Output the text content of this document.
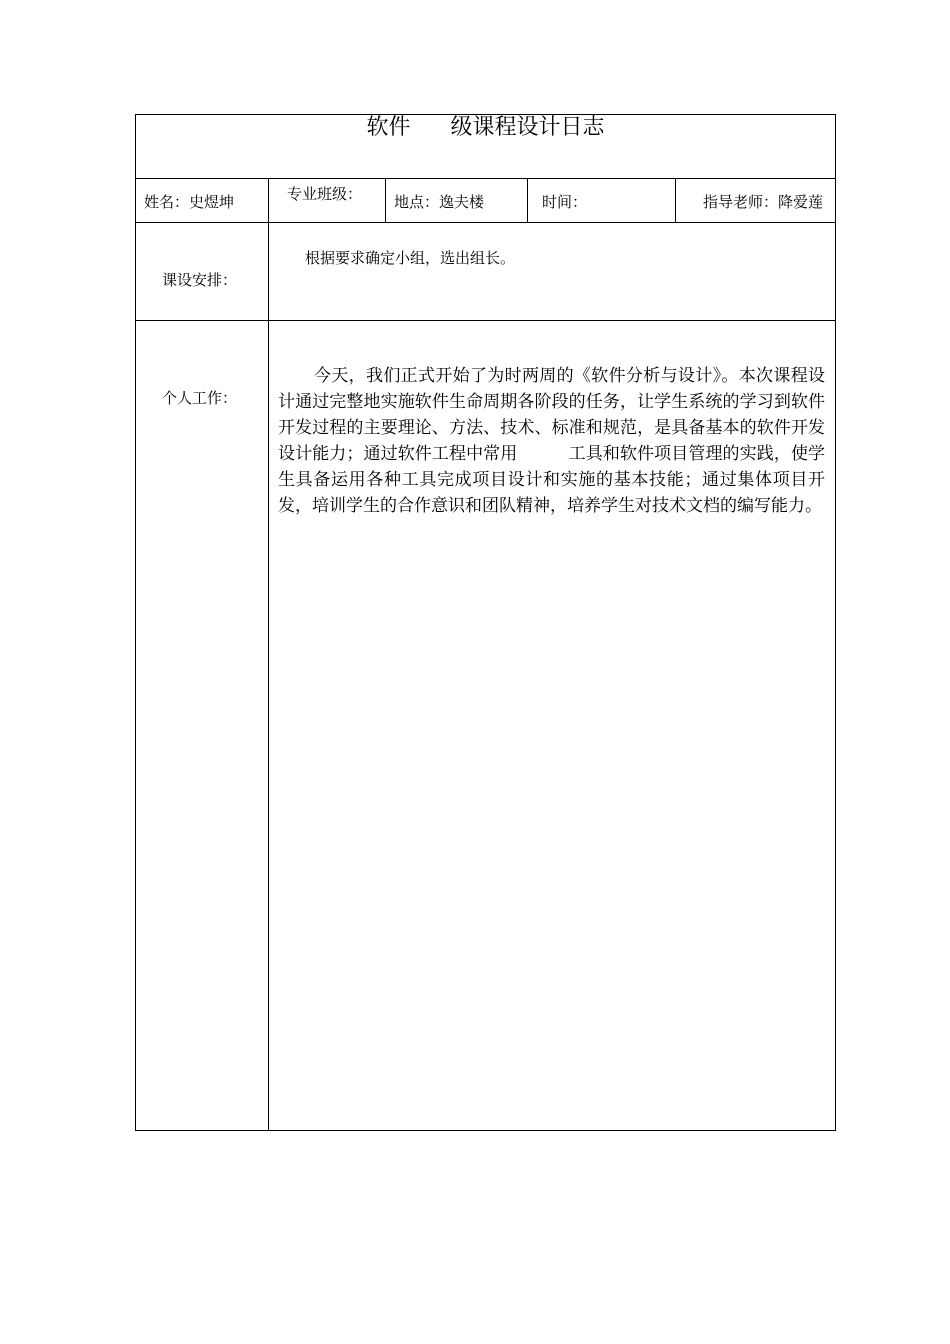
软件 级课程设计日志				

姓名：史煜坤	专业班级：	地点：逸夫楼	时间：	指导老师：降爱莲

课设安排：	根据要求确定小组，选出组长。			

个人工作：	今天，我们正式开始了为时两周的《软件分析与设计》。本次课程设计通过完整地实施软件生命周期各阶段的任务，让学生系统的学习到软件开发过程的主要理论、方法、技术、标准和规范，是具备基本的软件开发设计能力；通过软件工程中常用　　　工具和软件项目管理的实践，使学生具备运用各种工具完成项目设计和实施的基本技能；通过集体项目开发，培训学生的合作意识和团队精神，培养学生对技术文档的编写能力。			
